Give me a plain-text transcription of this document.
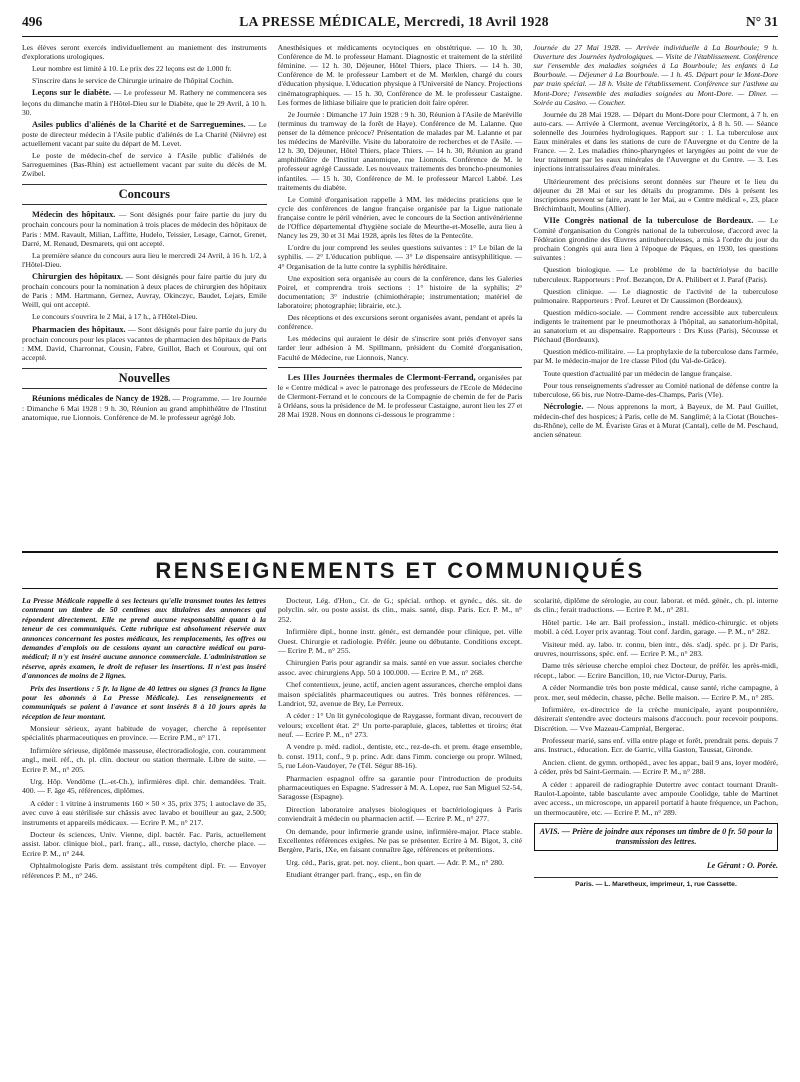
496	LA PRESSE MÉDICALE, Mercredi, 18 Avril 1928	N° 31

Les élèves seront exercés individuellement au maniement des instruments d'explorations urologiques.

Leur nombre est limité à 10. Le prix des 22 leçons est de 1.000 fr.

S'inscrire dans le service de Chirurgie urinaire de l'hôpital Cochin.

Leçons sur le diabète. — Le professeur M. Rathery ne commencera ses leçons du dimanche matin à l'Hôtel-Dieu sur le Diabète, que le 29 Avril, à 10 h. 30.

Asiles publics d'aliénés de la Charité et de Sarreguemines. — Le poste de directeur médecin à l'Asile public d'aliénés de La Charité (Nièvre) est actuellement vacant par suite du départ de M. Levet.

Le poste de médecin-chef de service à l'Asile public d'aliénés de Sarreguemines (Bas-Rhin) est actuellement vacant par suite du décès de M. Zwibel.

Concours

Médecin des hôpitaux. — Sont désignés pour faire partie du jury du prochain concours pour la nomination à trois places de médecin des hôpitaux de Paris : MM. Ravault, Milian, Laffitte, Hudelo, Teissier, Lesage, Carnot, Grenet, Darré, M. Renaud, Desmarets, qui ont accepté.

La première séance du concours aura lieu le mercredi 24 Avril, à 16 h. 1/2, à l'Hôtel-Dieu.

Chirurgien des hôpitaux. — Sont désignés pour faire partie du jury du prochain concours pour la nomination à deux places de chirurgien des hôpitaux de Paris : MM. Hartmann, Gernez, Auvray, Okinczyc, Baudet, Lejars, Emile Weill, qui ont accepté.

Le concours s'ouvrira le 2 Mai, à 17 h., à l'Hôtel-Dieu.

Pharmacien des hôpitaux. — Sont désignés pour faire partie du jury du prochain concours pour les places vacantes de pharmacien des hôpitaux de Paris : MM. David, Charronnat, Cousin, Fabre, Guillot, Bach et Couroux, qui ont accepté.

Nouvelles

Réunions médicales de Nancy de 1928. — Programme. — 1re Journée : Dimanche 6 Mai 1928 : 9 h. 30, Réunion au grand amphithéâtre de l'Institut anatomique, rue Lionnois. Conférence de M. le professeur agrégé Job.

Anesthésiques et médicaments ocytociques en obstétrique. — 10 h. 30, Conférence de M. le professeur Hamant. Diagnostic et traitement de la stérilité féminine. — 12 h. 30, Déjeuner, Hôtel Thiers, place Thiers. — 14 h. 30, Conférence de M. le professeur Lambert et de M. Merklen, chargé du cours d'éducation physique. L'éducation physique à l'Université de Nancy. Projections cinématographiques. — 15 h. 30, Conférence de M. le professeur Castaigne. Les formes de lithiase biliaire que le praticien doit faire opérer.

2e Journée : Dimanche 17 Juin 1928 : 9 h. 30, Réunion à l'Asile de Maréville (terminus du tramway de la forêt de Haye). Conférence de M. Lalanne. Que penser de la démence précoce? Présentation de malades par M. Lalanne et par les médecins de Maréville. Visite du laboratoire de recherches et de l'Asile. — 12 h. 30, Déjeuner, Hôtel Thiers, place Thiers. — 14 h. 30, Réunion au grand amphithéâtre de l'Institut anatomique, rue Lionnois. Conférence de M. le professeur agrégé Caussade. Les nouveaux traitements des broncho-pneumonies infantiles. — 15 h. 30, Conférence de M. le professeur Marcel Labbé. Les traitements du diabète.

Le Comité d'organisation rappelle à MM. les médecins praticiens que le cycle des conférences de langue française organisée par la Ligue nationale française contre le péril vénérien, avec le concours de la Section antivénérienne de l'Office départemental d'hygiène sociale de Meurthe-et-Moselle, aura lieu à Nancy les 29, 30 et 31 Mai 1928, après les fêtes de la Pentecôte.

L'ordre du jour comprend les seules questions suivantes : 1° Le bilan de la syphilis. — 2° L'éducation publique. — 3° Le dispensaire antisyphilitique. — 4° Organisation de la lutte contre la syphilis héréditaire.

Une exposition sera organisée au cours de la conférence, dans les Galeries Poirel, et comprendra trois sections : 1° histoire de la syphilis; 2° documentation; 3° industrie (chimiothérapie; instrumentation; matériel de laboratoire; photographie; librairie, etc.).

Des réceptions et des excursions seront organisées avant, pendant et après la conférence.

Les médecins qui auraient le désir de s'inscrire sont priés d'envoyer sans tarder leur adhésion à M. Spillmann, président du Comité d'organisation, Faculté de Médecine, rue Lionnois, Nancy.

Les IIIes Journées thermales de Clermont-Ferrand, organisées par le « Centre médical » avec le patronage des professeurs de l'Ecole de Médecine de Clermont-Ferrand et le concours de la Compagnie de chemin de fer de Paris à Orléans, sous la présidence de M. le professeur Castaigne, auront lieu les 27 et 28 Mai 1928. Nous en donnons ci-dessous le programme :

Journée du 27 Mai 1928. — Arrivée individuelle à La Bourboule; 9 h. Ouverture des Journées hydrologiques. — Visite de l'établissement. Conférence sur l'ensemble des maladies soignées à La Bourboule; les enfants à La Bourboule. — Déjeuner à La Bourboule. — 1 h. 45. Départ pour le Mont-Dore par train spécial. — 18 h. Visite de l'établissement. Conférence sur l'asthme au Mont-Dore; l'ensemble des maladies soignées au Mont-Dore. — Dîner. — Soirée au Casino. — Coucher.

Journée du 28 Mai 1928. — Départ du Mont-Dore pour Clermont, à 7 h. en auto-cars. — Arrivée à Clermont, avenue Vercingétorix, à 8 h. 50. — Séance solennelle des Journées hydrologiques. Rapport sur : 1. La tuberculose aux Eaux minérales et dans les stations de cure de l'Auvergne et du Centre de la France. — 2. Les maladies rhino-pharyngées et laryngées au point de vue de leur traitement par les eaux minérales de l'Auvergne et du Centre. — 3. Les injections intratissulaires d'eau minérales.

Ultérieurement des précisions seront données sur l'heure et le lieu du déjeuner du 28 Mai et sur les détails du programme. Dès à présent les inscriptions peuvent se faire, avant le 1er Mai, au « Centre médical », 23, place Bréchimbault, Moulins (Allier).

VIIe Congrès national de la tuberculose de Bordeaux. — Le Comité d'organisation du Congrès national de la tuberculose, d'accord avec la Fédération girondine des Œuvres antituberculeuses, a mis à l'ordre du jour du prochain Congrès qui aura lieu à l'époque de Pâques, en 1930, les questions suivantes :

Question biologique. — Le problème de la bactériolyse du bacille tuberculeux. Rapporteurs : Prof. Bezançon, Dr A. Philibert et J. Paraf (Paris).

Question clinique. — Le diagnostic de l'activité de la tuberculose pulmonaire. Rapporteurs : Prof. Leuret et Dr Caussimon (Bordeaux).

Question médico-sociale. — Comment rendre accessible aux tuberculeux indigents le traitement par le pneumothorax à l'hôpital, au sanatorium-hôpital, au sanatorium et au dispensaire. Rapporteurs : Drs Kuss (Paris), Sécousse et Piéchaud (Bordeaux).

Question médico-militaire. — La prophylaxie de la tuberculose dans l'armée, par M. le médecin-major de 1re classe Pilod (du Val-de-Grâce).

Toute question d'actualité par un médecin de langue française.

Pour tous renseignements s'adresser au Comité national de défense contre la tuberculose, 66 bis, rue Notre-Dame-des-Champs, Paris (VIe).

Nécrologie. — Nous apprenons la mort, à Bayeux, de M. Paul Guillet, médecin-chef des hospices; à Paris, celle de M. Sanglimé; à la Ciotat (Bouches-du-Rhône), celle de M. Évariste Gras et à Murat (Cantal), celle de M. Peschaud, ancien sénateur.

RENSEIGNEMENTS ET COMMUNIQUÉS

La Presse Médicale rappelle à ses lecteurs qu'elle transmet toutes les lettres contenant un timbre de 50 centimes aux titulaires des annonces qui répondent directement. Elle ne prend aucune responsabilité quant à la teneur de ces communiqués. Cette rubrique est absolument réservée aux annonces concernant les postes médicaux, les remplacements, les offres ou demandes d'emplois ou de cessions ayant un caractère médical ou para-médical; il n'y est inséré aucune annonce commerciale. L'administration se réserve, après examen, le droit de refuser les insertions. Il n'est pas inséré d'annonces de moins de 2 lignes.

Prix des insertions : 5 fr. la ligne de 40 lettres ou signes (3 francs la ligne pour les abonnés à La Presse Médicale). Les renseignements et communiqués se paient à l'avance et sont insérés 8 à 10 jours après la réception de leur montant.

Monsieur sérieux, ayant habitude de voyager, cherche à représenter spécialités pharmaceutiques en province. — Ecrire P.M., n° 171.

Infirmière sérieuse, diplômée masseuse, électroradiologie, con. couramment angl., meil. réf., ch. pl. clin. docteur ou station thermale. Libre de suite. — Ecrire P. M., n° 205.

Urg. Hôp. Vendôme (L.-et-Ch.), infirmières dipl. chir. demandées. Trait. 400. — F. âge 45, références, diplômes.

A céder : 1 vitrine à instruments 160 × 50 × 35, prix 375; 1 autoclave de 35, avec cuve à eau stérilisée sur châssis avec lavabo et bouilleur au gaz, 2.500; instruments et appareils médicaux. — Ecrire P. M., n° 217.

Docteur ès sciences, Univ. Vienne, dipl. bactér. Fac. Paris, actuellement assist. labor. clinique biol., parl. franç., all., russe, dactylo, cherche place. — Ecrire P. M., n° 244.

Ophtalmologiste Paris dem. assistant très compétent dipl. Fr. — Envoyer références P. M., n° 246.

Docteur, Lég. d'Hon., Cr. de G.; spécial. orthop. et gynéc., dés. sit. de polyclin. sér. ou poste assist. ds clin., mais. santé, disp. Paris. Ecr. P. M., n° 252.

Infirmière dipl., bonne instr. génér., est demandée pour clinique, pet. ville Ouest. Chirurgie et radiologie. Préfér. jeune ou débutante. Conditions except. — Ecrire P. M., n° 255.

Chirurgien Paris pour agrandir sa mais. santé en vue assur. sociales cherche assoc. avec chirurgiens App. 50 à 100.000. — Ecrire P. M., n° 268.

Chef contentieux, jeune, actif, ancien agent assurances, cherche emploi dans maison spécialités pharmaceutiques ou autres. Très bonnes références. — Landriot, 92, avenue de Bry, Le Perreux.

A céder : 1° Un lit gynécologique de Raygasse, formant divan, recouvert de velours; excellent état. 2° Un porte-parapluie, glaces, tablettes et tiroirs; état neuf. — Ecrire P. M., n° 273.

A vendre p. méd. radiol., dentiste, etc., rez-de-ch. et prem. étage ensemble, b. const. 1911, conf., 9 p. princ. Adr. dans l'imm. concierge ou propr. Wilned, 5, rue Léon-Vaudoyer, 7e (Tél. Ségur 88-16).

Pharmacien espagnol offre sa garantie pour l'introduction de produits pharmaceutiques en Espagne. S'adresser à M. A. Lopez, rue San Miguel 52-54, Saragosse (Espagne).

Direction laboratoire analyses biologiques et bactériologiques à Paris conviendrait à médecin ou pharmacien actif. — Ecrire P. M., n° 277.

On demande, pour infirmerie grande usine, infirmière-major. Place stable. Excellentes références exigées. Ne pas se présenter. Ecrire à M. Bigot, 3, cité Bergère, Paris, IXe, en faisant connaître âge, références et prétentions.

Urg. céd., Paris, grat. pet. noy. client., bon quart. — Adr. P. M., n° 280.

Etudiant étranger parl. franç., esp., en fin de

scolarité, diplôme de sérologie, au cour. laborat. et méd. génér., ch. pl. interne ds clin.; ferait traductions. — Ecrire P. M., n° 281.

Hôtel partic. 14e arr. Bail profession., install. médico-chirurgic. et objets mobil. à céd. Loyer prix avantag. Tout conf. Jardin, garage. — P. M., n° 282.

Visiteur méd. ay. labo. tr. connu, bien intr., dés. s'adj. spéc. pr j. Dr Paris, œuvres, nourrissons, spéc. enf. — Ecrire P. M., n° 283.

Dame très sérieuse cherche emploi chez Docteur, de préfér. les après-midi, récept., labor. — Ecrire Bancillon, 10, rue Victor-Duruy, Paris.

A céder Normandie très bon poste médical, cause santé, riche campagne, à prox. mer, seul médecin, chasse, pêche. Belle maison. — Ecrire P. M., n° 285.

Infirmière, ex-directrice de la crèche municipale, ayant pouponnière, désirerait s'entendre avec docteurs maisons d'accouch. pour recevoir poupons. Discrétion. — Vve Mazeau-Campréal, Bergerac.

Professeur marié, sans enf. villa entre plage et forêt, prendrait pens. depuis 7 ans. Instruct., éducation. Ecr. de Garric, villa Gaston, Taussat, Gironde.

Ancien. client. de gymn. orthopéd., avec les appar., bail 9 ans, loyer modéré, à céder, près bd Saint-Germain. — Ecrire P. M., n° 288.

A céder : appareil de radiographie Dutertre avec contact tournant Drault-Raulot-Lapointe, table basculante avec ampoule Coolidge, table de Martinet avec access., un microscope, un appareil portatif à haute fréquence, un Pachon, un thermocautère, etc. — Ecrire P. M., n° 289.

AVIS. — Prière de joindre aux réponses un timbre de 0 fr. 50 pour la transmission des lettres.
Le Gérant : O. Porée.
Paris. — L. Maretheux, imprimeur, 1, rue Cassette.
